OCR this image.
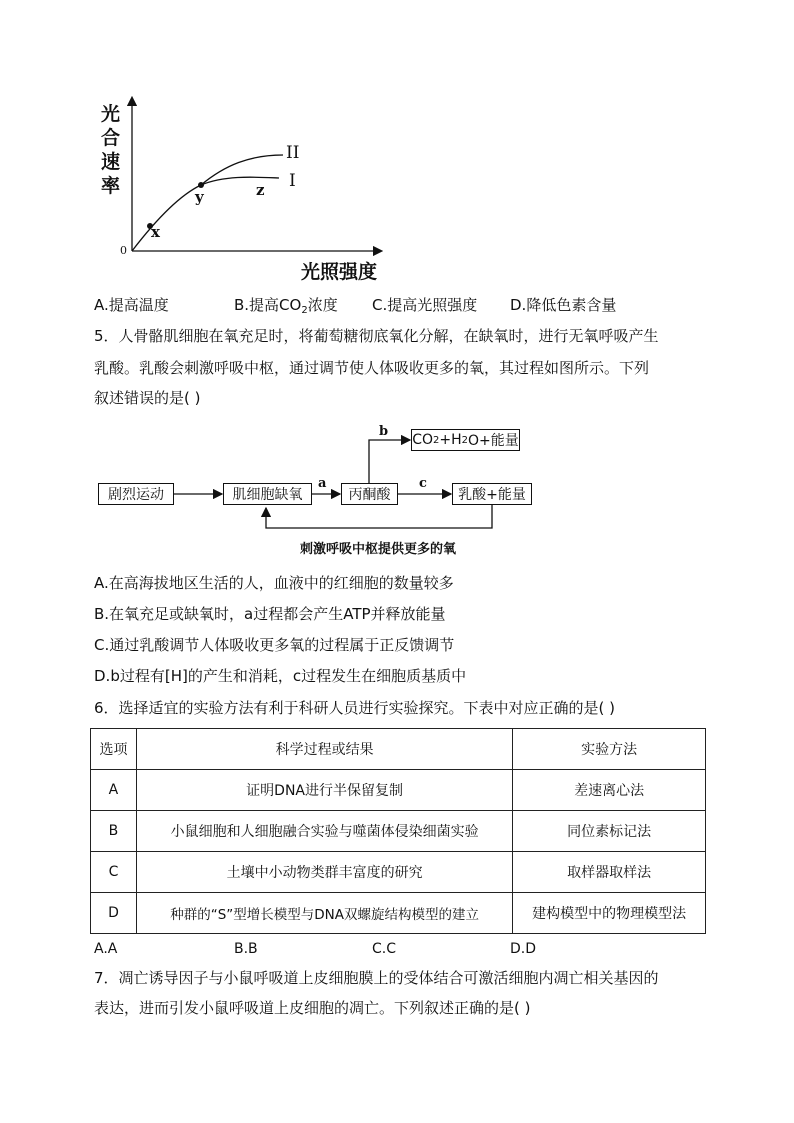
光
合
速
率
0
光照强度
II
I
x
y	z
A.提高温度	B.提高$CO_2$浓度 C.提高光照强度 D.降低色素含量
5．人骨骼肌细胞在氧充足时，将葡萄糖彻底氧化分解，在缺氧时，进行无氧呼吸产生
乳酸。乳酸会刺激呼吸中枢，通过调节使人体吸收更多的氧，其过程如图所示。下列
叙述错误的是( )
剧烈运动	肌细胞缺氧	丙酮酸	乳酸+能量
CO 2 +H 2 O+能量
a
b
c
刺激呼吸中枢提供更多的氧
A.在高海拔地区生活的人，血液中的红细胞的数量较多
B.在氧充足或缺氧时，a过程都会产生ATP并释放能量
C.通过乳酸调节人体吸收更多氧的过程属于正反馈调节
D.b过程有[H]的产生和消耗，c过程发生在细胞质基质中
6．选择适宜的实验方法有利于科研人员进行实验探究。下表中对应正确的是( )
选项	科学过程或结果	实验方法
A	证明DNA进行半保留复制	差速离心法
B	小鼠细胞和人细胞融合实验与噬菌体侵染细菌实验	同位素标记法
C	土壤中小动物类群丰富度的研究	取样器取样法
D	种群的“S”型增长模型与DNA双螺旋结构模型的建立	建构模型中的物理模型法
A.A	B.B	C.C	D.D
7．凋亡诱导因子与小鼠呼吸道上皮细胞膜上的受体结合可激活细胞内凋亡相关基因的
表达，进而引发小鼠呼吸道上皮细胞的凋亡。下列叙述正确的是( )
